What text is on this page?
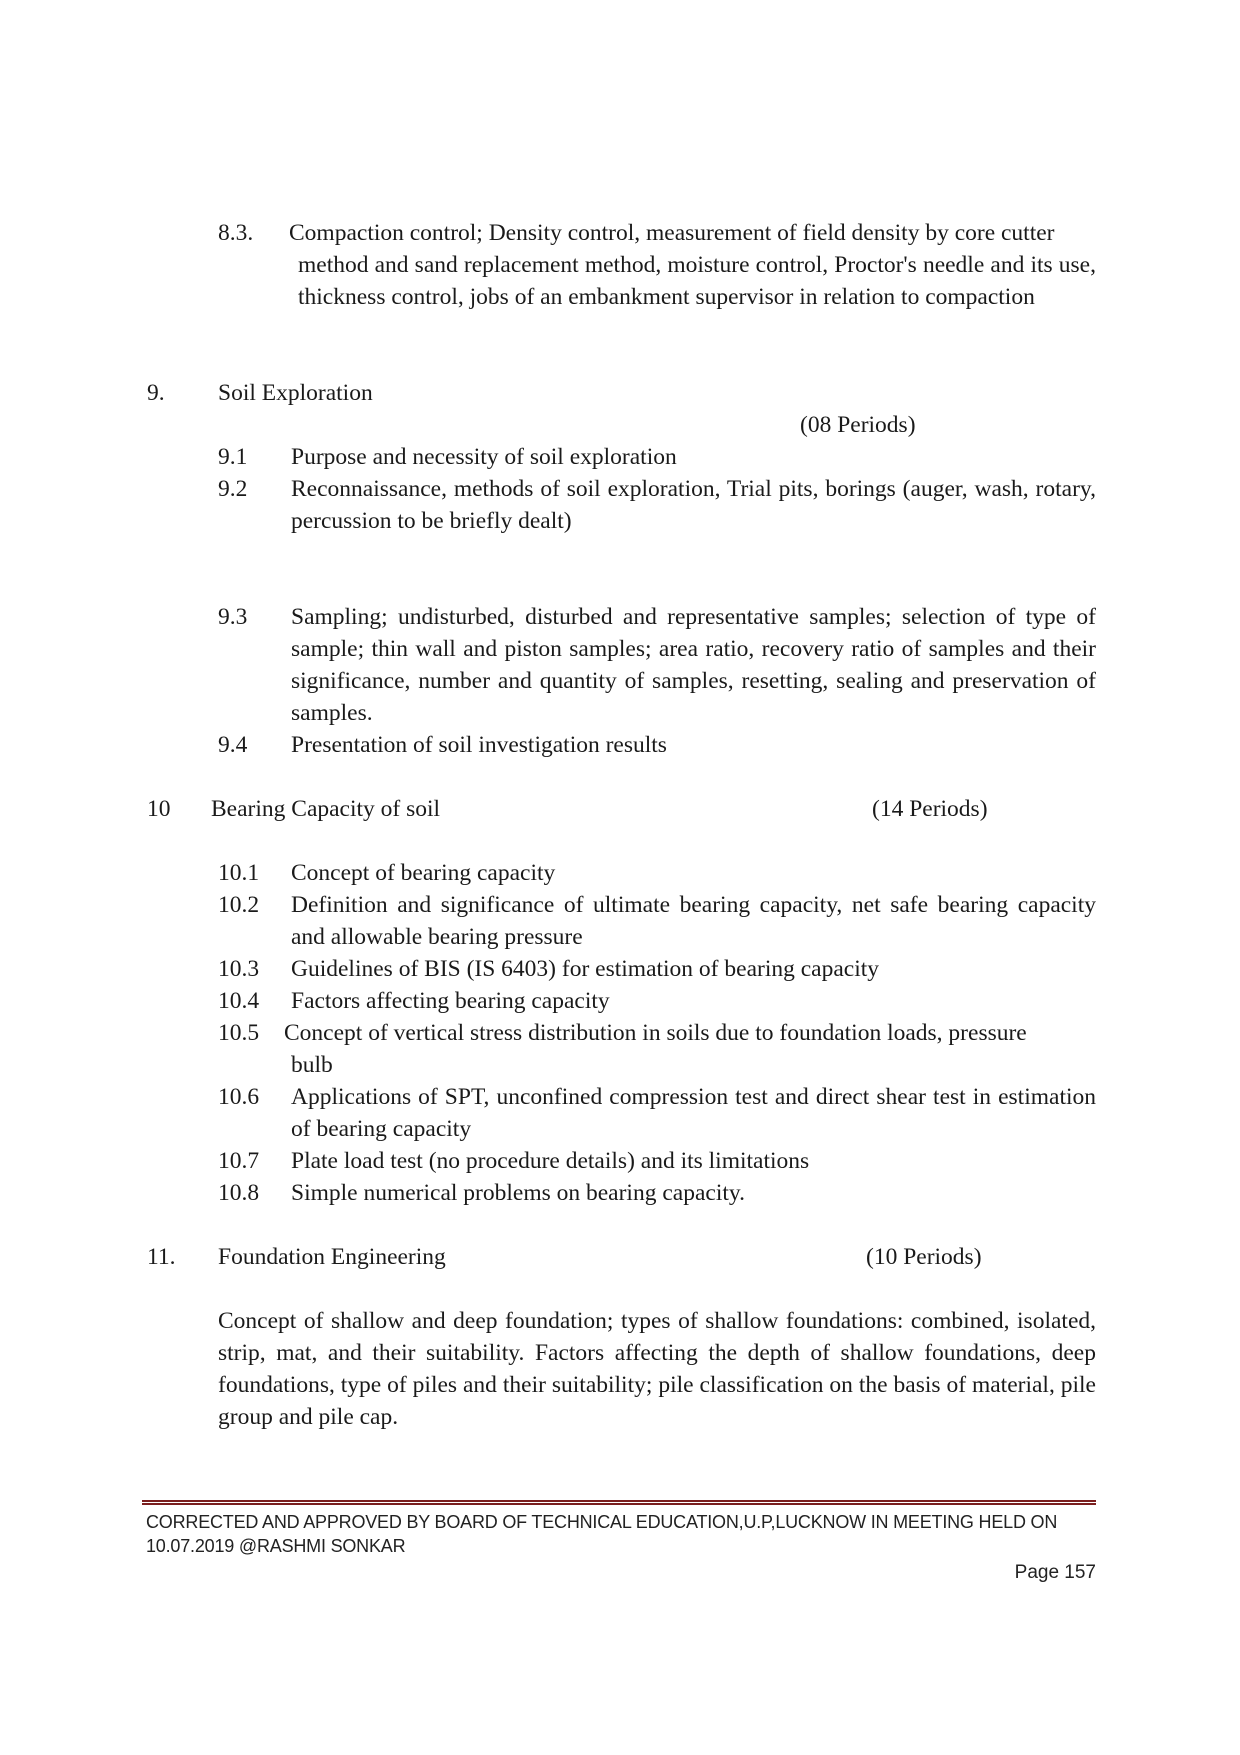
8.3. Compaction control; Density control, measurement of field density by core cutter
method and sand replacement method, moisture control, Proctor's needle and its use, thickness control, jobs of an embankment supervisor in relation to compaction
9. Soil Exploration
(08 Periods)
9.1 Purpose and necessity of soil exploration
9.2 Reconnaissance, methods of soil exploration, Trial pits, borings (auger, wash, rotary, percussion to be briefly dealt)
9.3 Sampling; undisturbed, disturbed and representative samples; selection of type of sample; thin wall and piston samples; area ratio, recovery ratio of samples and their significance, number and quantity of samples, resetting, sealing and preservation of samples.
9.4 Presentation of soil investigation results
10 Bearing Capacity of soil	(14 Periods)
10.1 Concept of bearing capacity
10.2 Definition and significance of ultimate bearing capacity, net safe bearing capacity and allowable bearing pressure
10.3 Guidelines of BIS (IS 6403) for estimation of bearing capacity
10.4 Factors affecting bearing capacity
10.5 Concept of vertical stress distribution in soils due to foundation loads, pressure
bulb
10.6 Applications of SPT, unconfined compression test and direct shear test in estimation of bearing capacity
10.7 Plate load test (no procedure details) and its limitations
10.8 Simple numerical problems on bearing capacity.
11. Foundation Engineering	(10 Periods)
Concept of shallow and deep foundation; types of shallow foundations: combined, isolated, strip, mat, and their suitability. Factors affecting the depth of shallow foundations, deep foundations, type of piles and their suitability; pile classification on the basis of material, pile group and pile cap.
CORRECTED AND APPROVED BY BOARD OF TECHNICAL EDUCATION,U.P,LUCKNOW IN MEETING HELD ON
10.07.2019 @RASHMI SONKAR
Page 157
